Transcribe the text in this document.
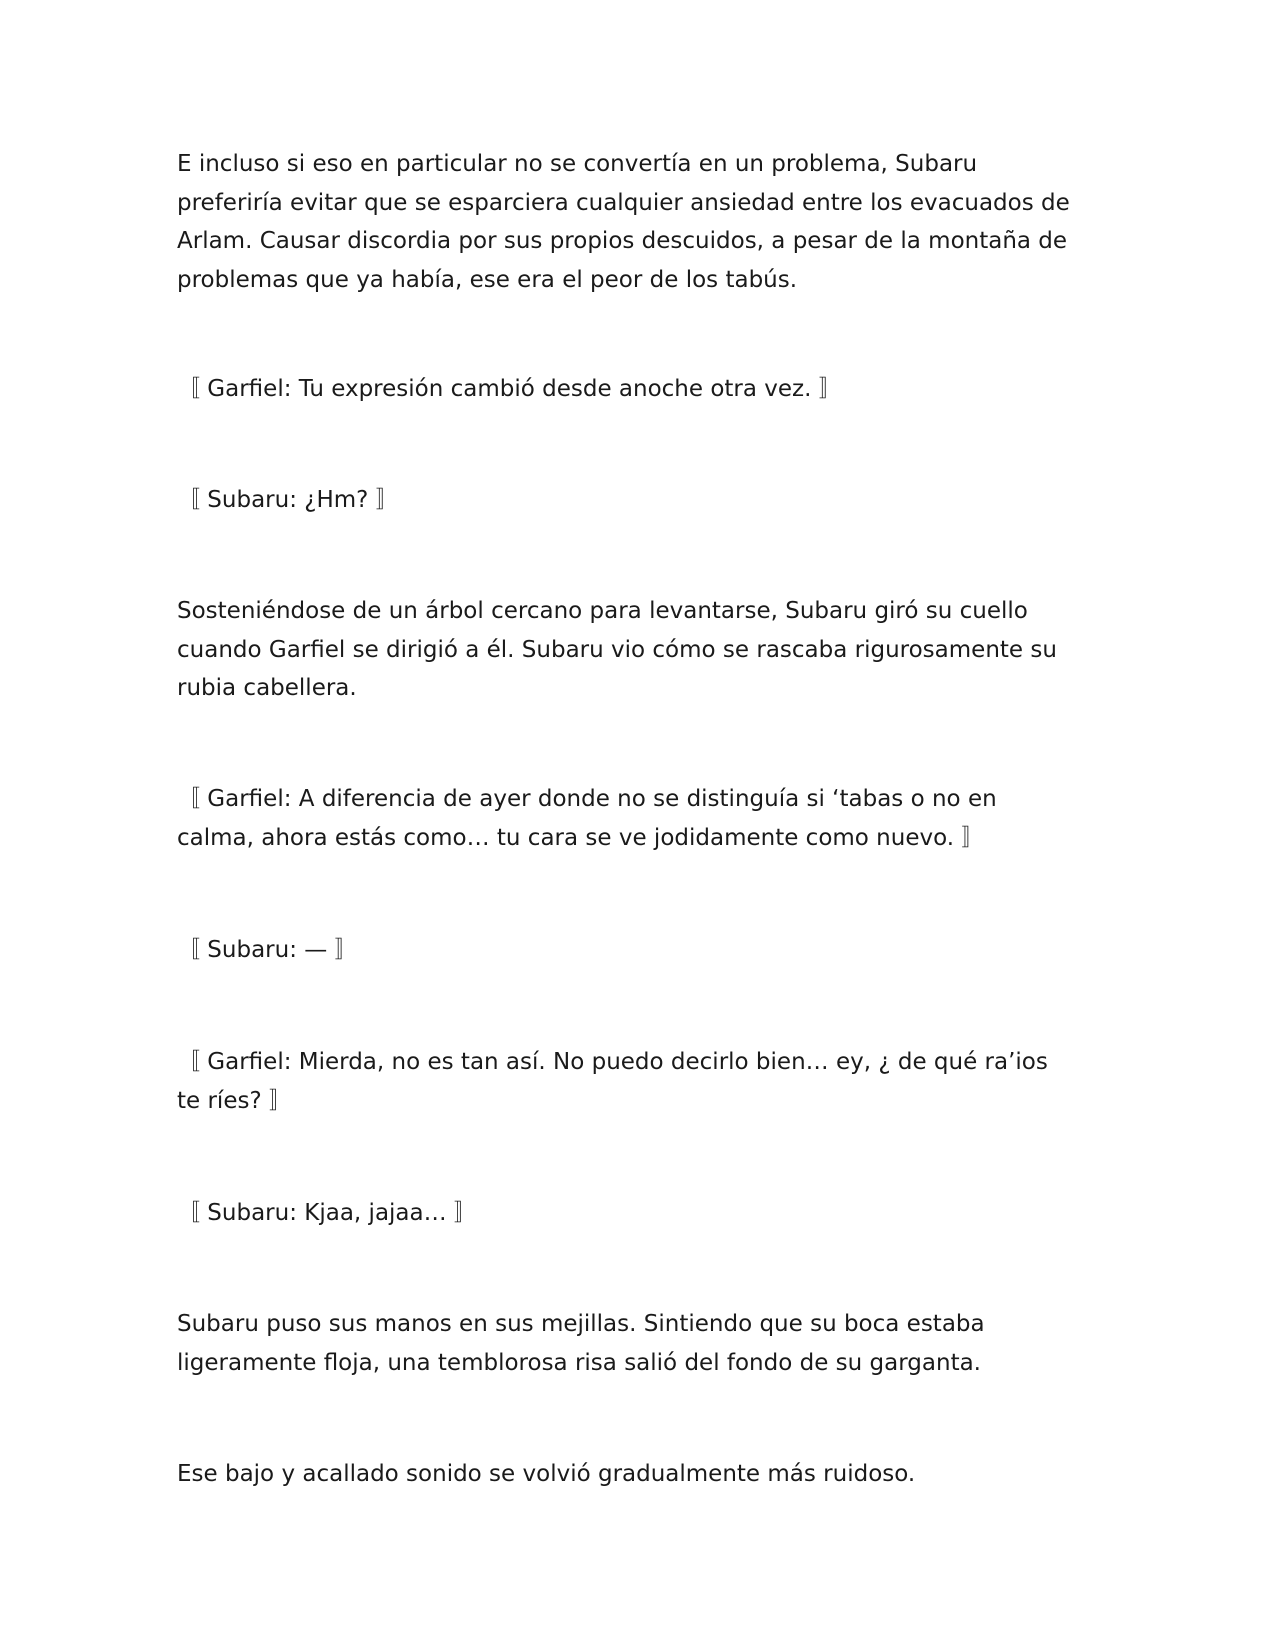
E incluso si eso en particular no se convertía en un problema, Subaru
preferiría evitar que se esparciera cualquier ansiedad entre los evacuados de
Arlam. Causar discordia por sus propios descuidos, a pesar de la montaña de
problemas que ya había, ese era el peor de los tabús.

〚 Garfiel: Tu expresión cambió desde anoche otra vez. 〛

〚 Subaru: ¿Hm? 〛

Sosteniéndose de un árbol cercano para levantarse, Subaru giró su cuello
cuando Garfiel se dirigió a él. Subaru vio cómo se rascaba rigurosamente su
rubia cabellera.

〚 Garfiel: A diferencia de ayer donde no se distinguía si ‘tabas o no en
calma, ahora estás como… tu cara se ve jodidamente como nuevo. 〛

〚 Subaru: — 〛

〚 Garfiel: Mierda, no es tan así. No puedo decirlo bien… ey, ¿ de qué ra’ios
te ríes? 〛

〚 Subaru: Kjaa, jajaa… 〛

Subaru puso sus manos en sus mejillas. Sintiendo que su boca estaba
ligeramente floja, una temblorosa risa salió del fondo de su garganta.

Ese bajo y acallado sonido se volvió gradualmente más ruidoso.
